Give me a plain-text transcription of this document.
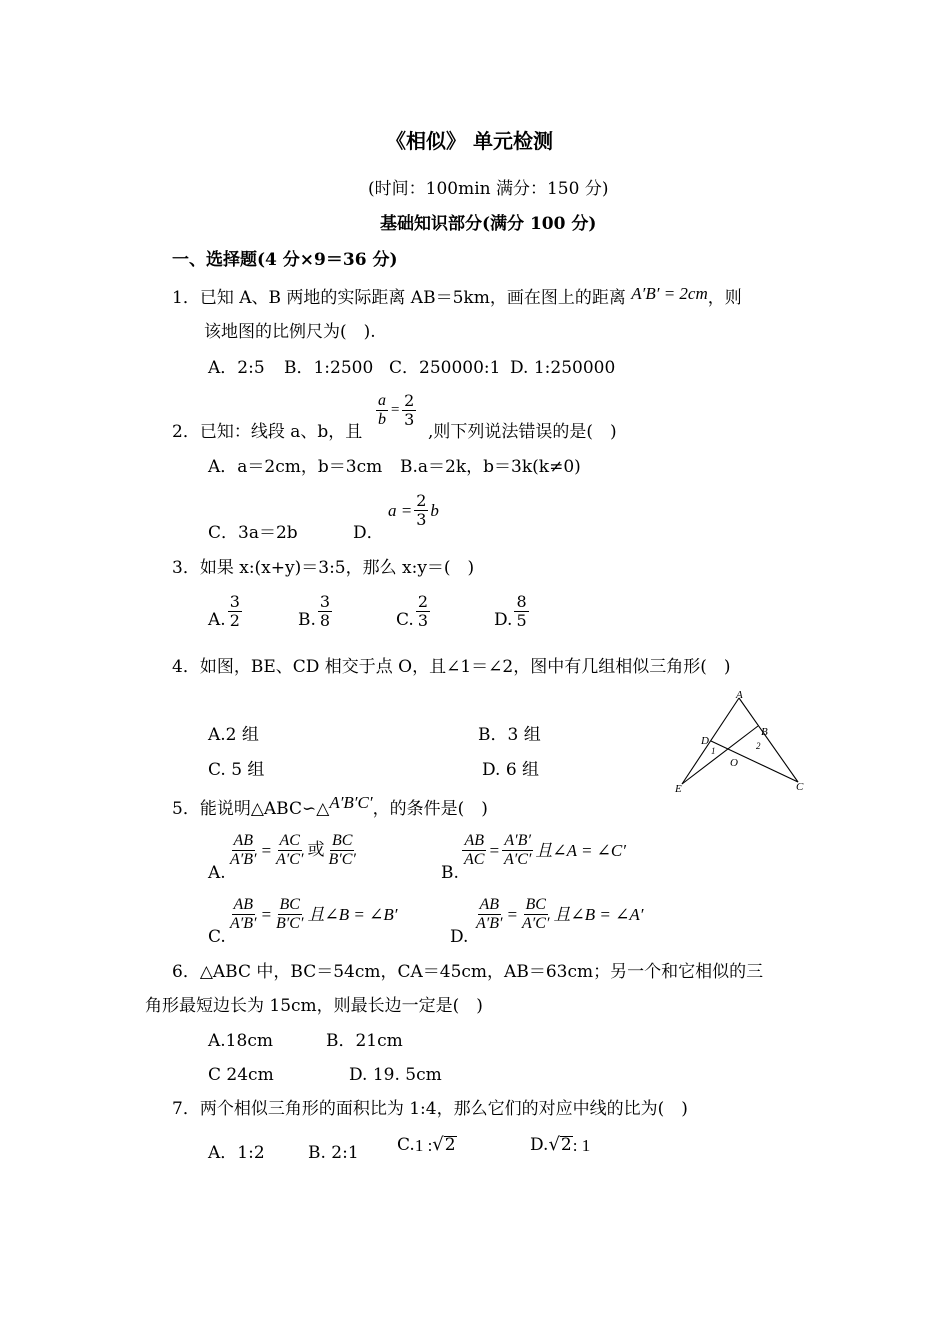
《相似》 单元检测
(时间：100min 满分：150 分)
基础知识部分(满分 100 分)
一、选择题(4 分×9＝36 分)
1．已知 A、B 两地的实际距离 AB＝5km，画在图上的距离 A′B′ = 2cm，则
该地图的比例尺为(　).
A．2:5 B．1:2500 C．250000:1 D. 1:250000
2．已知：线段 a、b，且
$\frac{a}{b} = \frac{2}{3}$
,则下列说法错误的是(　)
A．a＝2cm，b＝3cm B.a＝2k，b＝3k(k≠0)
C．3a＝2b	D．
$a = \frac{2}{3}$ b
3．如果 x:(x+y)＝3:5，那么 x:y＝(　)
A. $\frac{3}{2}$	B. $\frac{3}{8}$	C. $\frac{2}{3}$	D. $\frac{8}{5}$
4．如图，BE、CD 相交于点 O，且∠1＝∠2，图中有几组相似三角形(　)
A.2 组	B．3 组
C. 5 组	D. 6 组
A
B
C
D
E
O
1	2
5．能说明△ABC∽△A′B′C′，的条件是(　)
A.
$\frac{AB}{A'B'} = \frac{AC}{A'C'}$ 或 $\frac{BC}{B'C'}$
B.
$\frac{AB}{AC} = \frac{A'B'}{A'C'}$ 且∠A = ∠C′
C.
$\frac{AB}{A'B'} = \frac{BC}{B'C'}$ 且∠B = ∠B′
D.
$\frac{AB}{A'B'} = \frac{BC}{A'C'}$ 且∠B = ∠A′
6．△ABC 中，BC＝54cm，CA＝45cm，AB＝63cm；另一个和它相似的三
角形最短边长为 15cm，则最长边一定是(　)
A.18cm	B．21cm
C 24cm	D. 19. 5cm
7．两个相似三角形的面积比为 1:4，那么它们的对应中线的比为(　)
A．1:2	B. 2:1 C. 1 : √ 2	D. √ 2 : 1
